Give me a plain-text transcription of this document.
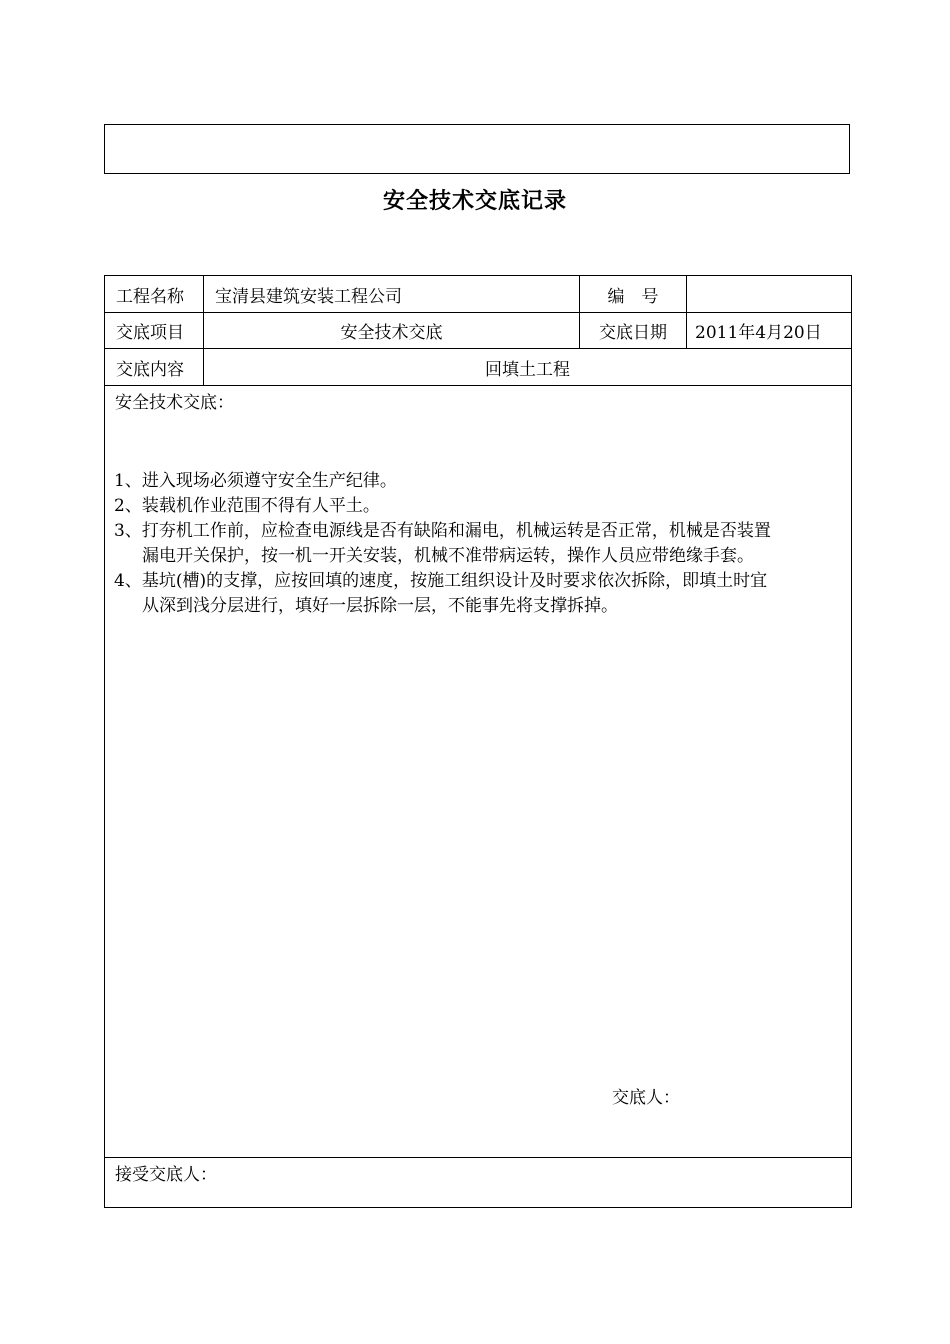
安全技术交底记录
工程名称	宝清县建筑安装工程公司	编　号
交底项目	安全技术交底	交底日期	2011年4月20日
交底内容	回填土工程
安全技术交底：

1、进入现场必须遵守安全生产纪律。

2、装载机作业范围不得有人平土。

3、打夯机工作前，应检查电源线是否有缺陷和漏电，机械运转是否正常，机械是否装置
漏电开关保护，按一机一开关安装，机械不准带病运转，操作人员应带绝缘手套。

4、基坑(槽)的支撑，应按回填的速度，按施工组织设计及时要求依次拆除，即填土时宜
从深到浅分层进行，填好一层拆除一层，不能事先将支撑拆掉。

交底人：
接受交底人：
